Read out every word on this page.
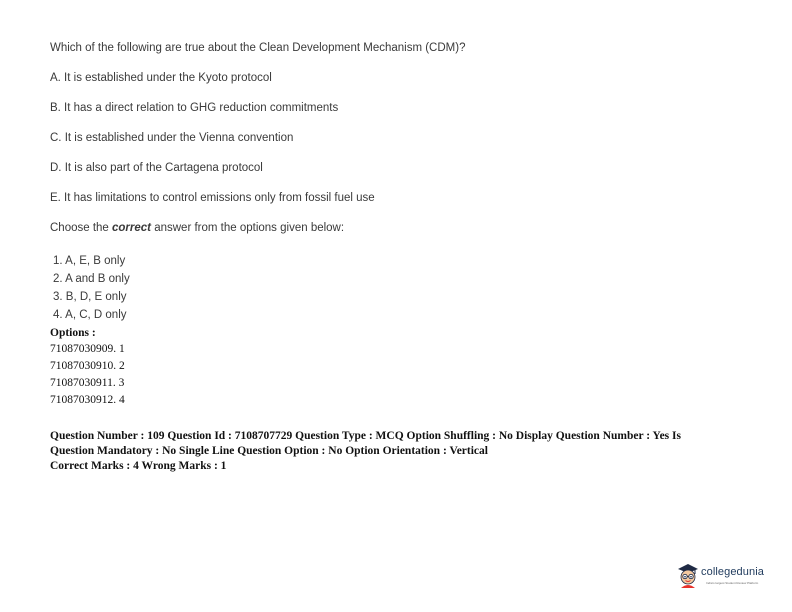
Which of the following are true about the Clean Development Mechanism (CDM)?
A. It is established under the Kyoto protocol
B. It has a direct relation to GHG reduction commitments
C. It is established under the Vienna convention
D. It is also part of the Cartagena protocol
E. It has limitations to control emissions only from fossil fuel use
Choose the correct answer from the options given below:
1. A, E, B only
2. A and B only
3. B, D, E only
4. A, C, D only
Options :
71087030909. 1
71087030910. 2
71087030911. 3
71087030912. 4
Question Number : 109 Question Id : 7108707729 Question Type : MCQ Option Shuffling : No Display Question Number : Yes Is
Question Mandatory : No Single Line Question Option : No Option Orientation : Vertical
Correct Marks : 4 Wrong Marks : 1
collegedunia
India's largest Student Review Platform
